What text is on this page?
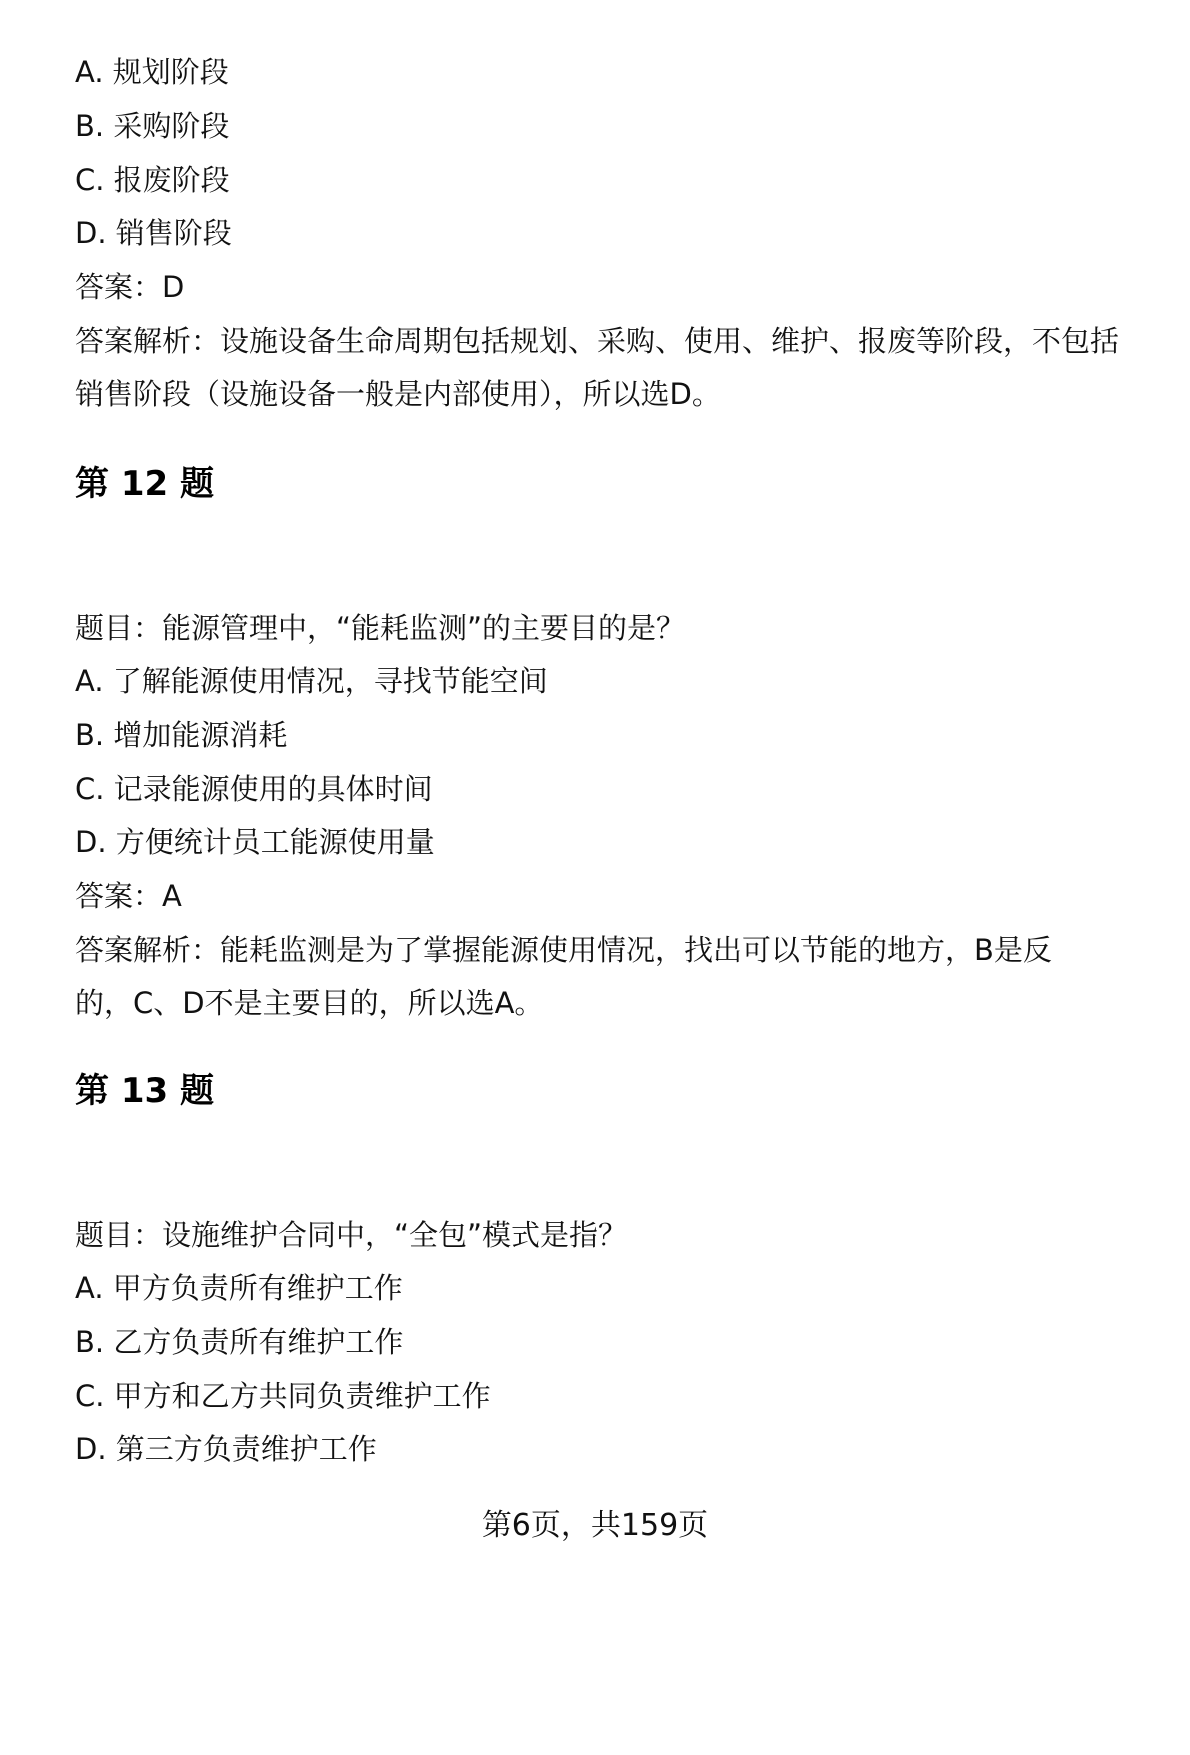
A. 规划阶段
B. 采购阶段
C. 报废阶段
D. 销售阶段
答案：D
答案解析：设施设备生命周期包括规划、采购、使用、维护、报废等阶段，不包括
销售阶段（设施设备一般是内部使用），所以选D。
第 12 题
题目：能源管理中，“能耗监测”的主要目的是？
A. 了解能源使用情况，寻找节能空间
B. 增加能源消耗
C. 记录能源使用的具体时间
D. 方便统计员工能源使用量
答案：A
答案解析：能耗监测是为了掌握能源使用情况，找出可以节能的地方，B是反
的，C、D不是主要目的，所以选A。
第 13 题
题目：设施维护合同中，“全包”模式是指？
A. 甲方负责所有维护工作
B. 乙方负责所有维护工作
C. 甲方和乙方共同负责维护工作
D. 第三方负责维护工作
第6页，共159页
